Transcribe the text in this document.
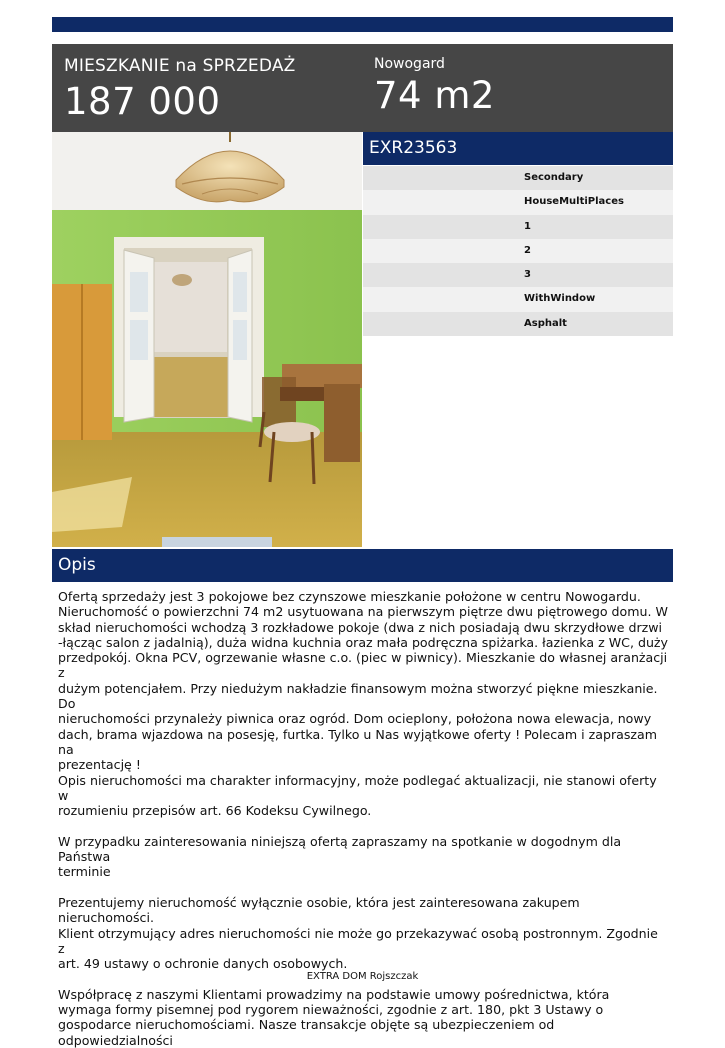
MIESZKANIE na SPRZEDAŻ
187 000
Nowogard
74 m2
EXR23563
Secondary
HouseMultiPlaces
1
2
3
WithWindow
Asphalt
Opis

Ofertą sprzedaży jest 3 pokojowe bez czynszowe mieszkanie położone w centru Nowogardu.

Nieruchomość o powierzchni 74 m2 usytuowana na pierwszym piętrze dwu piętrowego domu. W

skład nieruchomości wchodzą 3 rozkładowe pokoje (dwa z nich posiadają dwu skrzydłowe drzwi

-łącząc salon z jadalnią), duża widna kuchnia oraz mała podręczna spiżarka. łazienka z WC, duży

przedpokój. Okna PCV, ogrzewanie własne c.o. (piec w piwnicy). Mieszkanie do własnej aranżacji z

dużym potencjałem. Przy niedużym nakładzie finansowym można stworzyć piękne mieszkanie. Do

nieruchomości przynależy piwnica oraz ogród. Dom ocieplony, położona nowa elewacja, nowy

dach, brama wjazdowa na posesję, furtka. Tylko u Nas wyjątkowe oferty ! Polecam i zapraszam na

prezentację !

Opis nieruchomości ma charakter informacyjny, może podlegać aktualizacji, nie stanowi oferty w

rozumieniu przepisów art. 66 Kodeksu Cywilnego.

W przypadku zainteresowania niniejszą ofertą zapraszamy na spotkanie w dogodnym dla Państwa

terminie

Prezentujemy nieruchomość wyłącznie osobie, która jest zainteresowana zakupem nieruchomości.

Klient otrzymujący adres nieruchomości nie może go przekazywać osobą postronnym. Zgodnie z

art. 49 ustawy o ochronie danych osobowych.

Współpracę z naszymi Klientami prowadzimy na podstawie umowy pośrednictwa, która

wymaga formy pisemnej pod rygorem nieważności, zgodnie z art. 180, pkt 3 Ustawy o

gospodarce nieruchomościami. Nasze transakcje objęte są ubezpieczeniem od odpowiedzialności

EXTRA DOM Rojszczak
